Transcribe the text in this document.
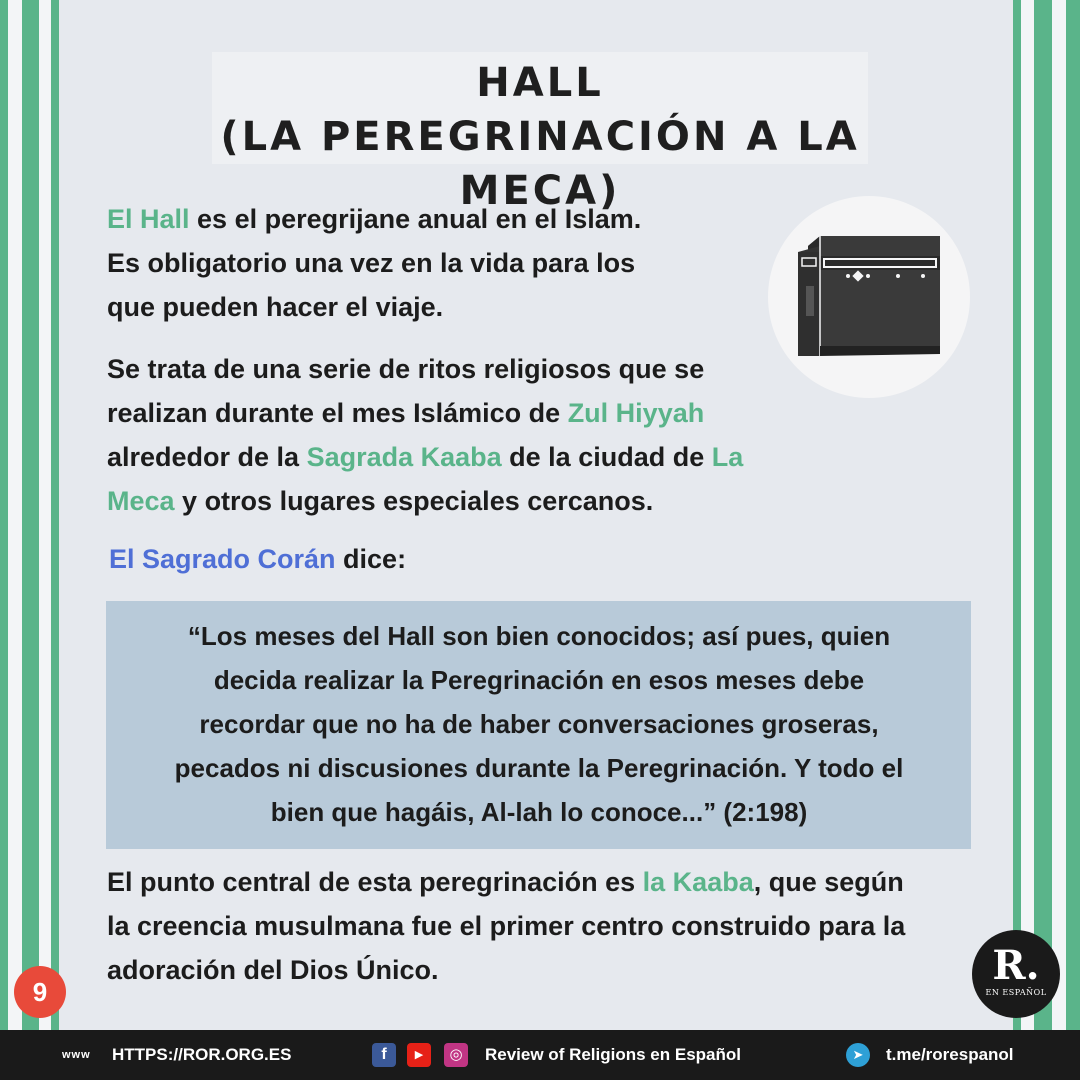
HALL
(LA PEREGRINACIÓN A LA MECA)
El Hall es el peregrijane anual en el Islam.
Es obligatorio una vez en la vida para los
que pueden hacer el viaje.
Se trata de una serie de ritos religiosos que se
realizan durante el mes Islámico de Zul Hiyyah
alrededor de la Sagrada Kaaba de la ciudad de La
Meca y otros lugares especiales cercanos.
El Sagrado Corán dice:
“Los meses del Hall son bien conocidos; así pues, quien
decida realizar la Peregrinación en esos meses debe
recordar que no ha de haber conversaciones groseras,
pecados ni discusiones durante la Peregrinación. Y todo el
bien que hagáis, Al-lah lo conoce...” (2:198)
El punto central de esta peregrinación es la Kaaba, que según
la creencia musulmana fue el primer centro construido para la
adoración del Dios Único.
9
R.
EN ESPAÑOL
www HTTPS://ROR.ORG.ES	f	▶	◎	Review of Religions en Español	➤	t.me/rorespanol
